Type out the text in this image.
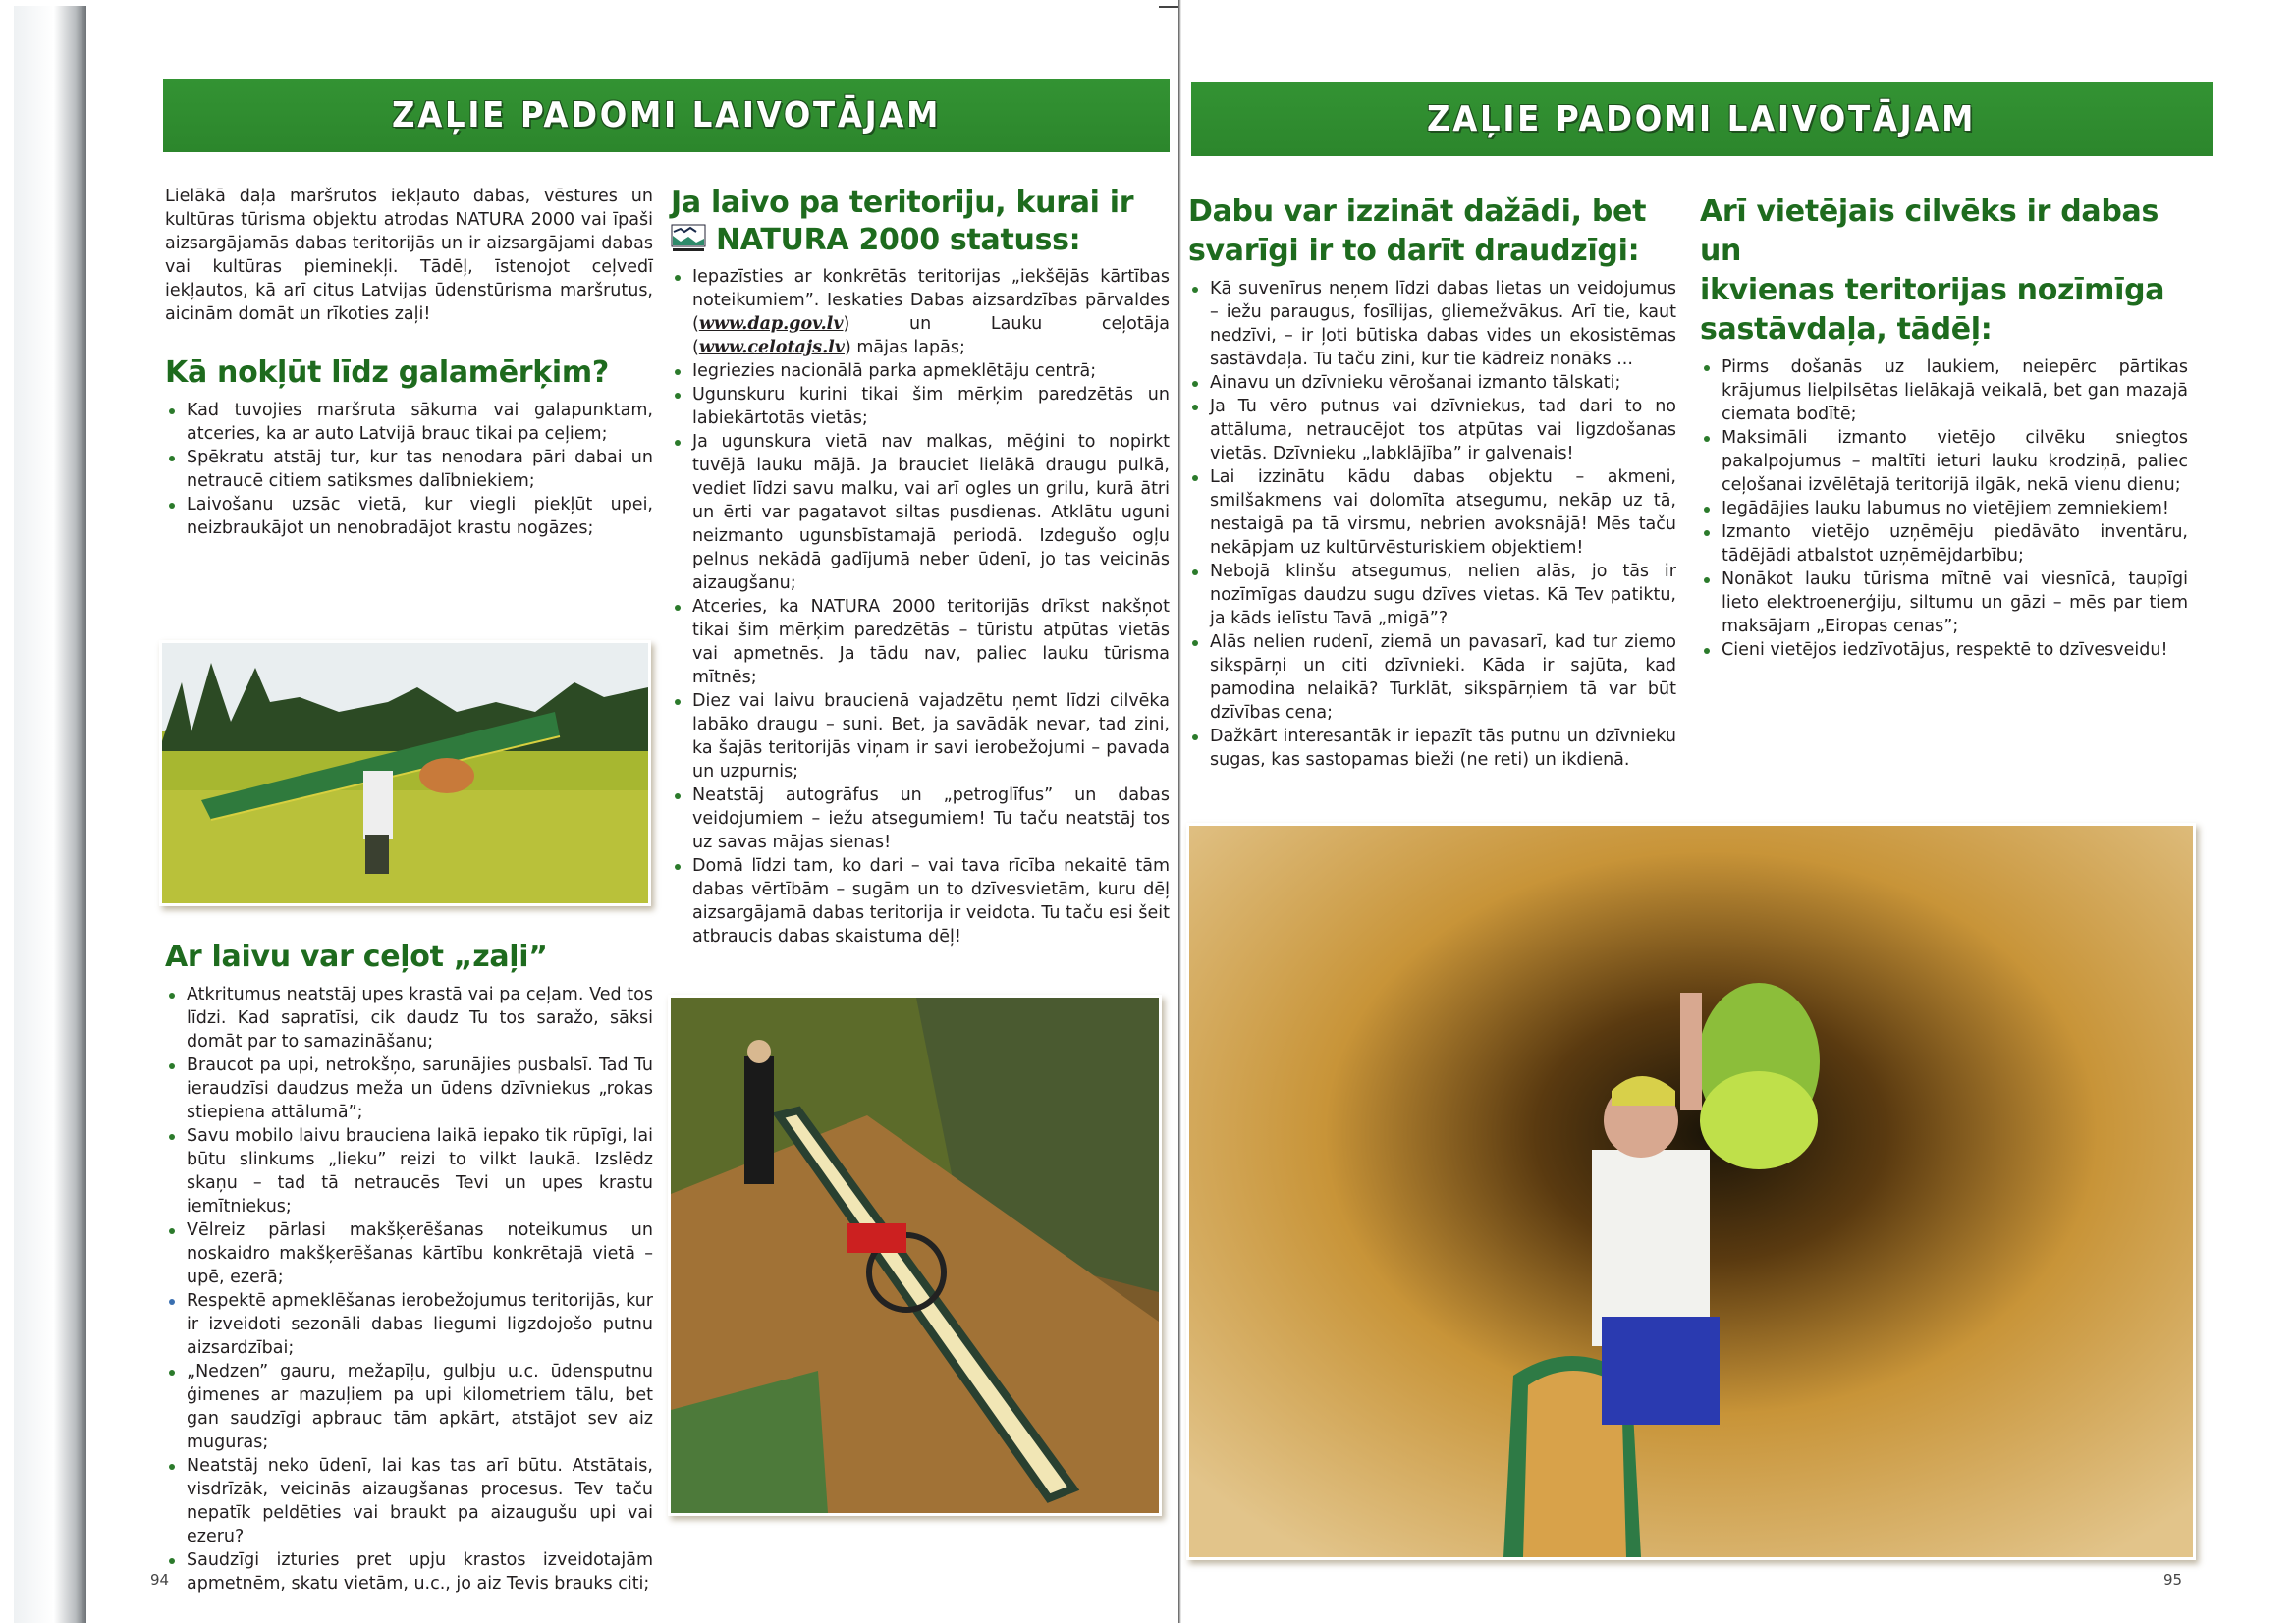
ZAĻIE PADOMI LAIVOTĀJAM

Lielākā daļa maršrutos iekļauto dabas, vēstures un kultūras tūrisma objektu atrodas NATURA 2000 vai īpaši aizsargājamās dabas teritorijās un ir aizsargājami dabas vai kultūras pieminekļi. Tādēļ, īstenojot ceļvedī iekļautos, kā arī citus Latvijas ūdenstūrisma maršrutus, aicinām domāt un rīkoties zaļi!

Kā nokļūt līdz galamērķim?
Kad tuvojies maršruta sākuma vai galapunktam, atceries, ka ar auto Latvijā brauc tikai pa ceļiem;
Spēkratu atstāj tur, kur tas nenodara pāri dabai un netraucē citiem satiksmes dalībniekiem;
Laivošanu uzsāc vietā, kur viegli piekļūt upei, neizbraukājot un nenobradājot krastu nogāzes;
Ar laivu var ceļot „zaļi”
Atkritumus neatstāj upes krastā vai pa ceļam. Ved tos līdzi. Kad sapratīsi, cik daudz Tu tos saražo, sāksi domāt par to samazināšanu;
Braucot pa upi, netrokšņo, sarunājies pusbalsī. Tad Tu ieraudzīsi daudzus meža un ūdens dzīvniekus „rokas stiepiena attālumā”;
Savu mobilo laivu brauciena laikā iepako tik rūpīgi, lai būtu slinkums „lieku” reizi to vilkt laukā. Izslēdz skaņu – tad tā netraucēs Tevi un upes krastu iemītniekus;
Vēlreiz pārlasi makšķerēšanas noteikumus un noskaidro makšķerēšanas kārtību konkrētajā vietā – upē, ezerā;
Respektē apmeklēšanas ierobežojumus teritorijās, kur ir izveidoti sezonāli dabas liegumi ligzdojošo putnu aizsardzībai;
„Nedzen” gauru, mežapīļu, gulbju u.c. ūdensputnu ģimenes ar mazuļiem pa upi kilometriem tālu, bet gan saudzīgi apbrauc tām apkārt, atstājot sev aiz muguras;
Neatstāj neko ūdenī, lai kas tas arī būtu. Atstātais, visdrīzāk, veicinās aizaugšanas procesus. Tev taču nepatīk peldēties vai braukt pa aizaugušu upi vai ezeru?
Saudzīgi izturies pret upju krastos izveidotajām apmetnēm, skatu vietām, u.c., jo aiz Tevis brauks citi;
94
Ja laivo pa teritoriju, kurai ir
NATURA 2000 statuss:
Iepazīsties ar konkrētās teritorijas „iekšējās kārtības noteikumiem”. Ieskaties Dabas aizsardzības pārvaldes (www.dap.gov.lv) un Lauku ceļotāja (www.celotajs.lv) mājas lapās;
Iegriezies nacionālā parka apmeklētāju centrā;
Ugunskuru kurini tikai šim mērķim paredzētās un labiekārtotās vietās;
Ja ugunskura vietā nav malkas, mēģini to nopirkt tuvējā lauku mājā. Ja brauciet lielākā draugu pulkā, vediet līdzi savu malku, vai arī ogles un grilu, kurā ātri un ērti var pagatavot siltas pusdienas. Atklātu uguni neizmanto ugunsbīstamajā periodā. Izdegušo ogļu pelnus nekādā gadījumā neber ūdenī, jo tas veicinās aizaugšanu;
Atceries, ka NATURA 2000 teritorijās drīkst nakšņot tikai šim mērķim paredzētās – tūristu atpūtas vietās vai apmetnēs. Ja tādu nav, paliec lauku tūrisma mītnēs;
Diez vai laivu braucienā vajadzētu ņemt līdzi cilvēka labāko draugu – suni. Bet, ja savādāk nevar, tad zini, ka šajās teritorijās viņam ir savi ierobežojumi – pavada un uzpurnis;
Neatstāj autogrāfus un „petroglīfus” un dabas veidojumiem – iežu atsegumiem! Tu taču neatstāj tos uz savas mājas sienas!
Domā līdzi tam, ko dari – vai tava rīcība nekaitē tām dabas vērtībām – sugām un to dzīvesvietām, kuru dēļ aizsargājamā dabas teritorija ir veidota. Tu taču esi šeit atbraucis dabas skaistuma dēļ!
ZAĻIE PADOMI LAIVOTĀJAM
Dabu var izzināt dažādi, bet
svarīgi ir to darīt draudzīgi:
Kā suvenīrus neņem līdzi dabas lietas un veidojumus – iežu paraugus, fosīlijas, gliemežvākus. Arī tie, kaut nedzīvi, – ir ļoti būtiska dabas vides un ekosistēmas sastāvdaļa. Tu taču zini, kur tie kādreiz nonāks ...
Ainavu un dzīvnieku vērošanai izmanto tālskati;
Ja Tu vēro putnus vai dzīvniekus, tad dari to no attāluma, netraucējot tos atpūtas vai ligzdošanas vietās. Dzīvnieku „labklājība” ir galvenais!
Lai izzinātu kādu dabas objektu – akmeni, smilšakmens vai dolomīta atsegumu, nekāp uz tā, nestaigā pa tā virsmu, nebrien avoksnājā! Mēs taču nekāpjam uz kultūrvēsturiskiem objektiem!
Nebojā klinšu atsegumus, nelien alās, jo tās ir nozīmīgas daudzu sugu dzīves vietas. Kā Tev patiktu, ja kāds ielīstu Tavā „migā”?
Alās nelien rudenī, ziemā un pavasarī, kad tur ziemo sikspārņi un citi dzīvnieki. Kāda ir sajūta, kad pamodina nelaikā? Turklāt, sikspārņiem tā var būt dzīvības cena;
Dažkārt interesantāk ir iepazīt tās putnu un dzīvnieku sugas, kas sastopamas bieži (ne reti) un ikdienā.
Arī vietējais cilvēks ir dabas un
ikvienas teritorijas nozīmīga
sastāvdaļa, tādēļ:
Pirms došanās uz laukiem, neiepērc pārtikas krājumus lielpilsētas lielākajā veikalā, bet gan mazajā ciemata bodītē;
Maksimāli izmanto vietējo cilvēku sniegtos pakalpojumus – maltīti ieturi lauku krodziņā, paliec ceļošanai izvēlētajā teritorijā ilgāk, nekā vienu dienu;
Iegādājies lauku labumus no vietējiem zemniekiem!
Izmanto vietējo uzņēmēju piedāvāto inventāru, tādējādi atbalstot uzņēmējdarbību;
Nonākot lauku tūrisma mītnē vai viesnīcā, taupīgi lieto elektroenerģiju, siltumu un gāzi – mēs par tiem maksājam „Eiropas cenas”;
Cieni vietējos iedzīvotājus, respektē to dzīvesveidu!
95
